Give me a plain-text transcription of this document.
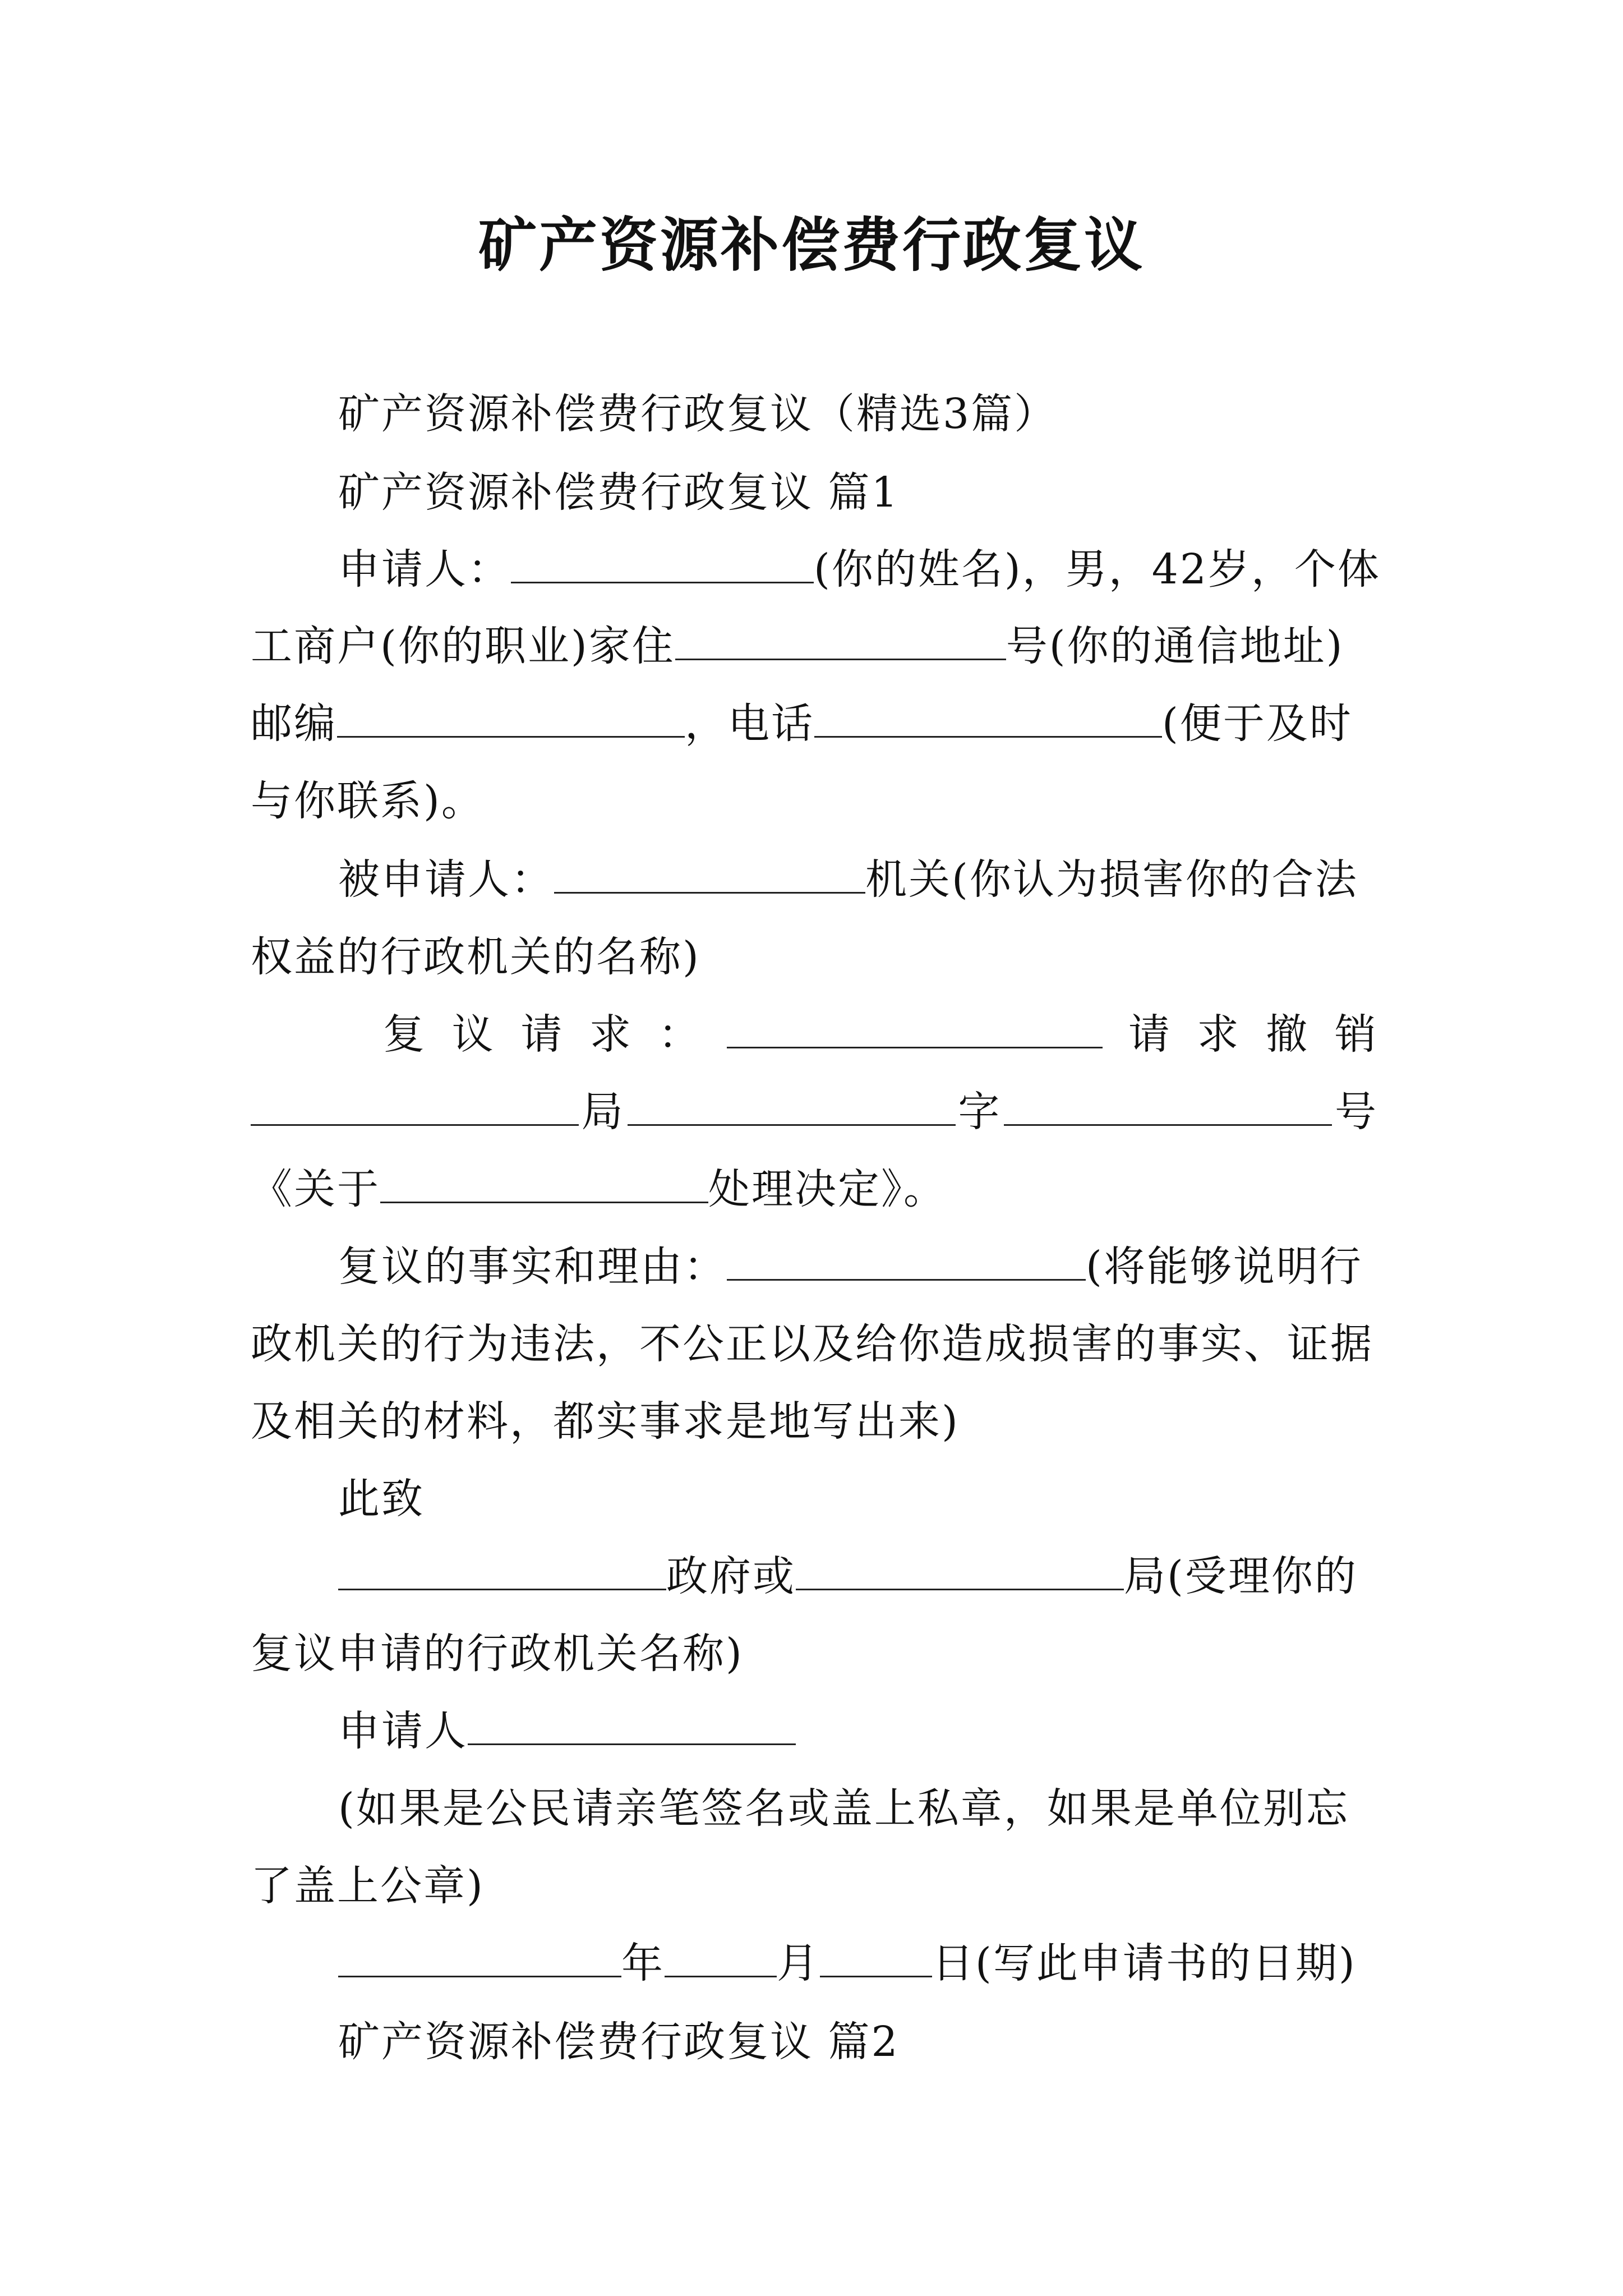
矿产资源补偿费行政复议
矿产资源补偿费行政复议（精选3篇）
矿产资源补偿费行政复议 篇1
申请人：	(你的姓名)，男，42岁，个体
工商户(你的职业)家住	号(你的通信地址)
邮编	，电话	(便于及时
与你联系)。
被申请人：	机关(你认为损害你的合法
权益的行政机关的名称)
复 议 请 求 ：	请 求 撤 销
局	字	号
《关于	处理决定》。
复议的事实和理由：	(将能够说明行
政机关的行为违法，不公正以及给你造成损害的事实、证据
及相关的材料，都实事求是地写出来)
此致
政府或	局(受理你的
复议申请的行政机关名称)
申请人
(如果是公民请亲笔签名或盖上私章，如果是单位别忘
了盖上公章)
年	月	日(写此申请书的日期)
矿产资源补偿费行政复议 篇2
